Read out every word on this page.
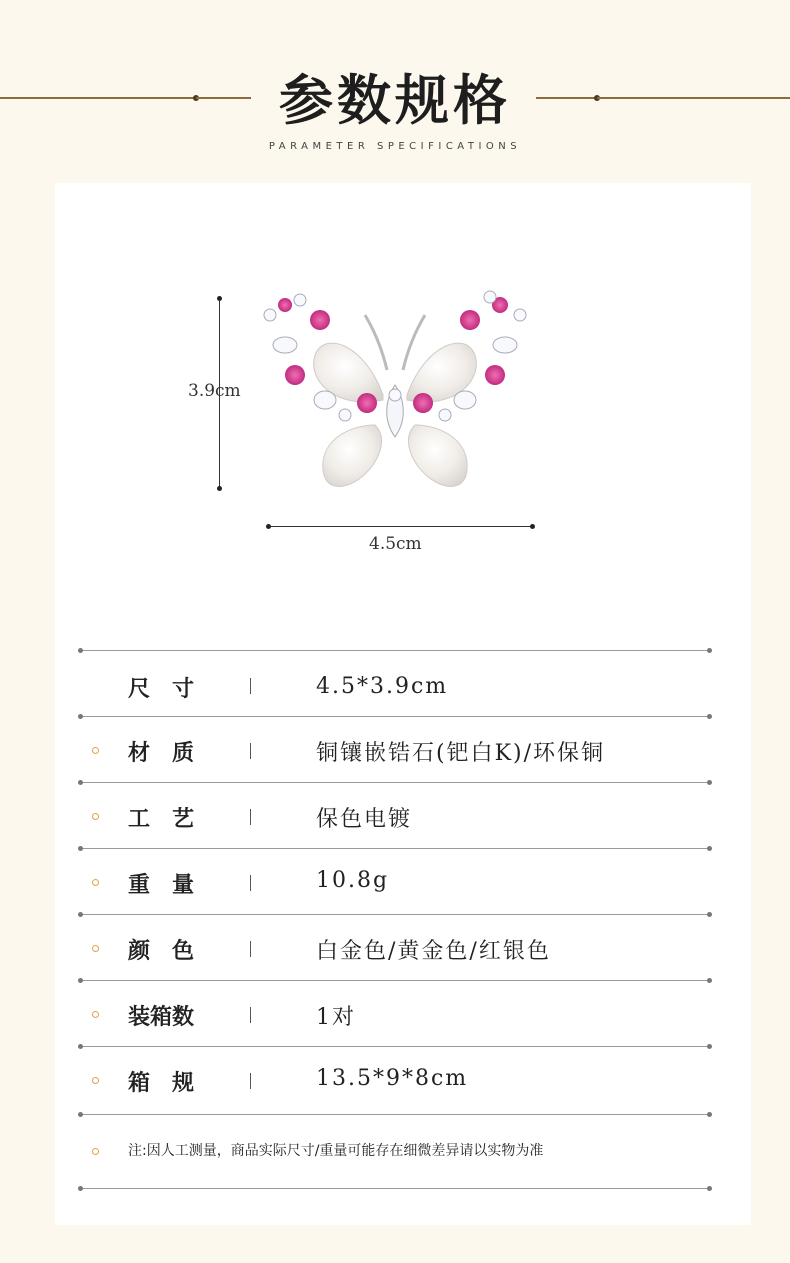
参数规格
PARAMETER SPECIFICATIONS
3.9cm
4.5cm
尺　寸	4.5*3.9cm
材　质	铜镶嵌锆石(钯白K)/环保铜
工　艺	保色电镀
重　量	10.8g
颜　色	白金色/黄金色/红银色
装箱数	1对
箱　规	13.5*9*8cm
注:因人工测量，商品实际尺寸/重量可能存在细微差异请以实物为准
